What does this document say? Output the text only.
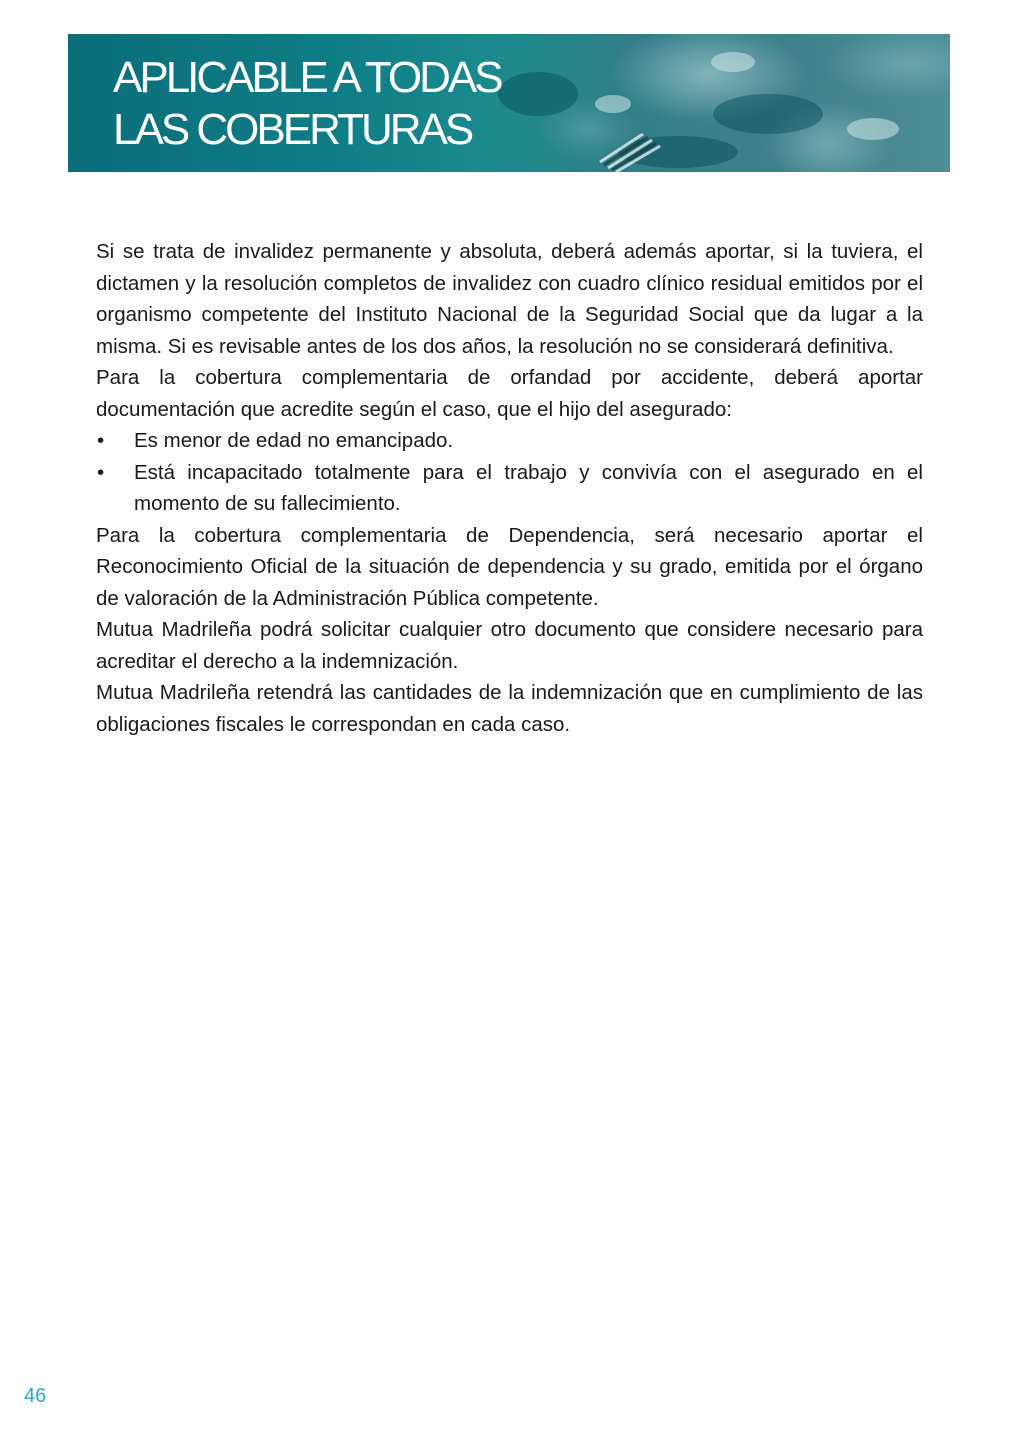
APLICABLE A TODAS
LAS COBERTURAS

Si se trata de invalidez permanente y absoluta, deberá además aportar, si la tuviera, el dictamen y la resolución completos de invalidez con cuadro clínico residual emitidos por el organismo competente del Instituto Nacional de la Seguridad Social que da lugar a la misma. Si es revisable antes de los dos años, la resolución no se considerará definitiva.

Para la cobertura complementaria de orfandad por accidente, deberá aportar documentación que acredite según el caso, que el hijo del asegurado:

• Es menor de edad no emancipado.
• Está incapacitado totalmente para el trabajo y convivía con el asegurado en el momento de su fallecimiento.

Para la cobertura complementaria de Dependencia, será necesario aportar el Reconocimiento Oficial de la situación de dependencia y su grado, emitida por el órgano de valoración de la Administración Pública competente.

Mutua Madrileña podrá solicitar cualquier otro documento que considere necesario para acreditar el derecho a la indemnización.

Mutua Madrileña retendrá las cantidades de la indemnización que en cumplimiento de las obligaciones fiscales le correspondan en cada caso.

46
